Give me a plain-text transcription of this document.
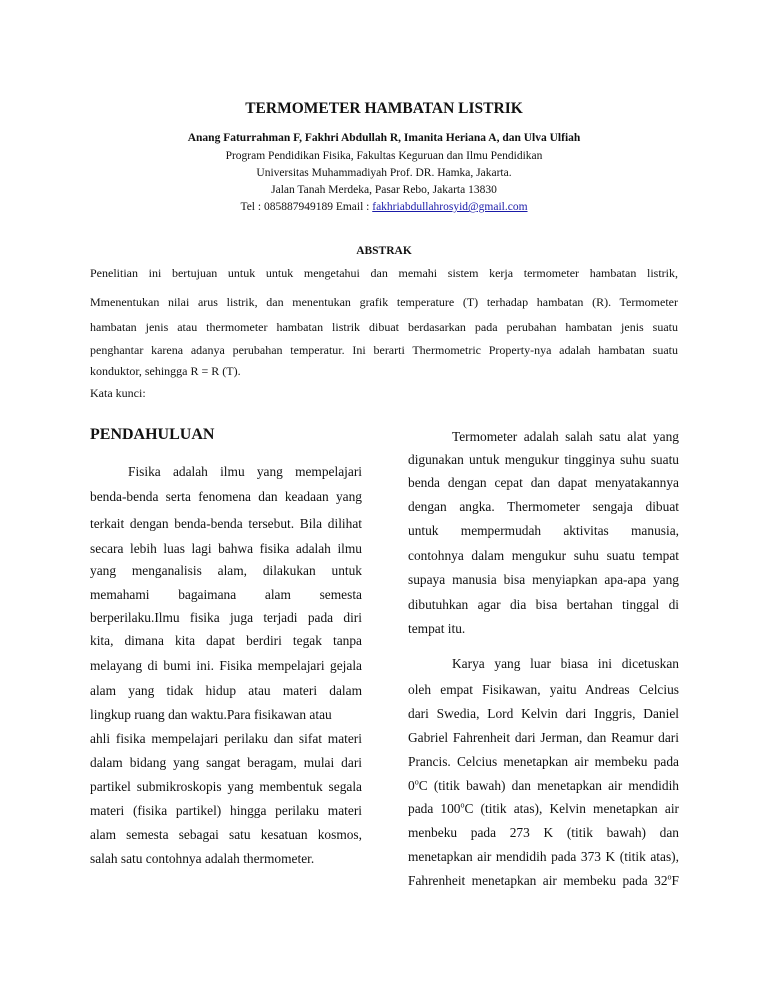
TERMOMETER HAMBATAN LISTRIK
Anang Faturrahman F, Fakhri Abdullah R, Imanita Heriana A, dan Ulva Ulfiah
Program Pendidikan Fisika, Fakultas Keguruan dan Ilmu Pendidikan
Universitas Muhammadiyah Prof. DR. Hamka, Jakarta.
Jalan Tanah Merdeka, Pasar Rebo, Jakarta 13830
Tel : 085887949189 Email : fakhriabdullahrosyid@gmail.com
ABSTRAK
Penelitian ini bertujuan untuk untuk mengetahui dan memahi sistem kerja termometer hambatan listrik,
Mmenentukan nilai arus listrik, dan menentukan grafik temperature (T) terhadap hambatan (R). Termometer
hambatan jenis atau thermometer hambatan listrik dibuat berdasarkan pada perubahan hambatan jenis suatu
penghantar karena adanya perubahan temperatur. Ini berarti Thermometric Property-nya adalah hambatan suatu
konduktor, sehingga R = R (T).
Kata kunci:
PENDAHULUAN
Fisika adalah ilmu yang mempelajari
benda-benda serta fenomena dan keadaan yang
terkait dengan benda-benda tersebut. Bila dilihat
secara lebih luas lagi bahwa fisika adalah ilmu
yang menganalisis alam, dilakukan untuk
memahami bagaimana alam semesta
berperilaku.Ilmu fisika juga terjadi pada diri
kita, dimana kita dapat berdiri tegak tanpa
melayang di bumi ini. Fisika mempelajari gejala
alam yang tidak hidup atau materi dalam
lingkup ruang dan waktu.Para fisikawan atau
ahli fisika mempelajari perilaku dan sifat materi
dalam bidang yang sangat beragam, mulai dari
partikel submikroskopis yang membentuk segala
materi (fisika partikel) hingga perilaku materi
alam semesta sebagai satu kesatuan kosmos,
salah satu contohnya adalah thermometer.
Termometer adalah salah satu alat yang
digunakan untuk mengukur tingginya suhu suatu
benda dengan cepat dan dapat menyatakannya
dengan angka. Thermometer sengaja dibuat
untuk mempermudah aktivitas manusia,
contohnya dalam mengukur suhu suatu tempat
supaya manusia bisa menyiapkan apa-apa yang
dibutuhkan agar dia bisa bertahan tinggal di
tempat itu.
Karya yang luar biasa ini dicetuskan
oleh empat Fisikawan, yaitu Andreas Celcius
dari Swedia, Lord Kelvin dari Inggris, Daniel
Gabriel Fahrenheit dari Jerman, dan Reamur dari
Prancis. Celcius menetapkan air membeku pada
0$^o$C (titik bawah) dan menetapkan air mendidih
pada 100$^o$C (titik atas), Kelvin menetapkan air
menbeku pada 273 K (titik bawah) dan
menetapkan air mendidih pada 373 K (titik atas),
Fahrenheit menetapkan air membeku pada 32$^o$F
